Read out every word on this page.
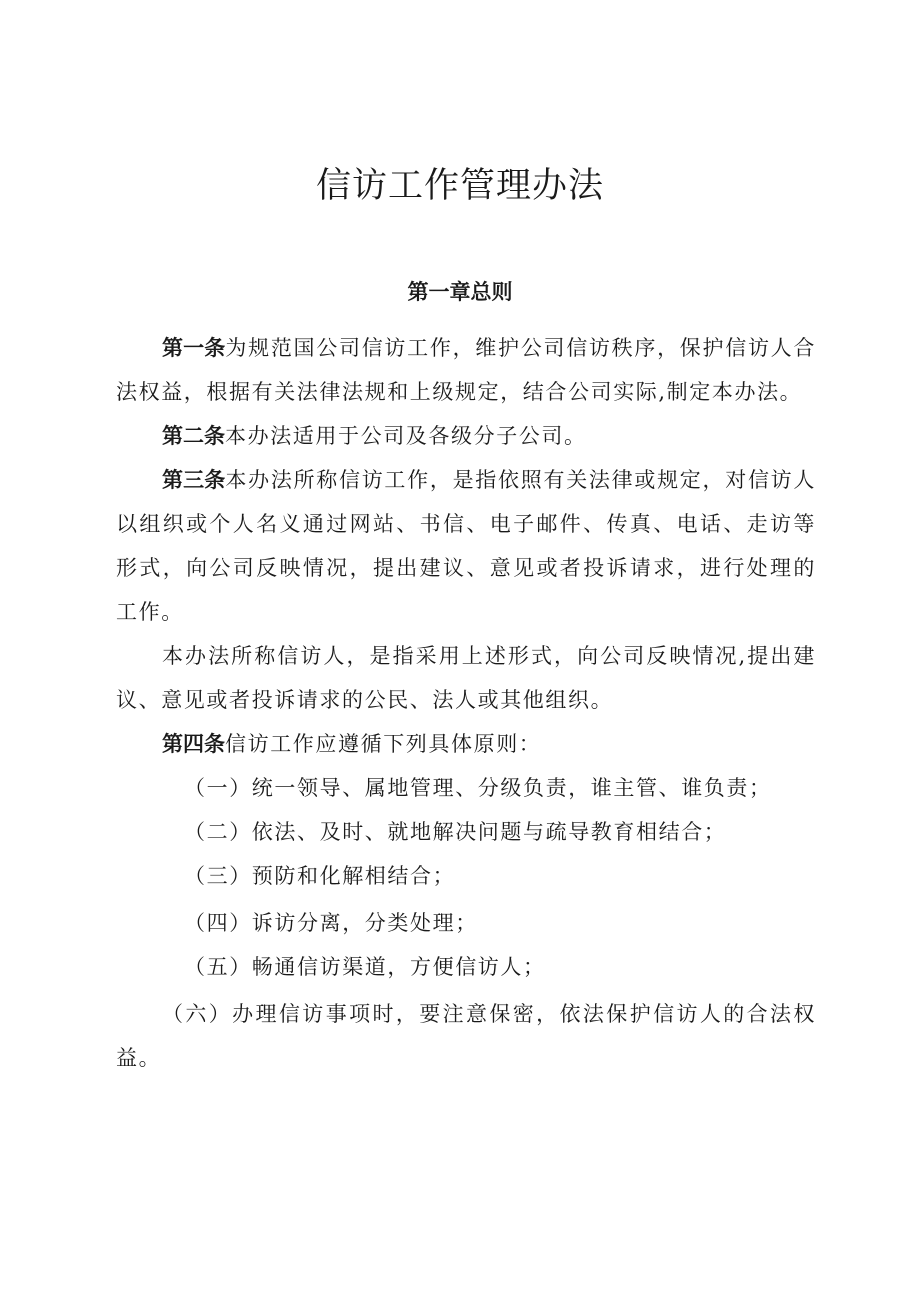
信访工作管理办法
第一章总则

第一条为规范国公司信访工作，维护公司信访秩序，保护信访人合法权益，根据有关法律法规和上级规定，结合公司实际,制定本办法。

第二条本办法适用于公司及各级分子公司。

第三条本办法所称信访工作，是指依照有关法律或规定，对信访人以组织或个人名义通过网站、书信、电子邮件、传真、电话、走访等形式，向公司反映情况，提出建议、意见或者投诉请求，进行处理的工作。

本办法所称信访人，是指采用上述形式，向公司反映情况,提出建议、意见或者投诉请求的公民、法人或其他组织。

第四条信访工作应遵循下列具体原则：

（一）统一领导、属地管理、分级负责，谁主管、谁负责；

（二）依法、及时、就地解决问题与疏导教育相结合；

（三）预防和化解相结合；

（四）诉访分离，分类处理；

（五）畅通信访渠道，方便信访人；

（六）办理信访事项时，要注意保密，依法保护信访人的合法权益。
